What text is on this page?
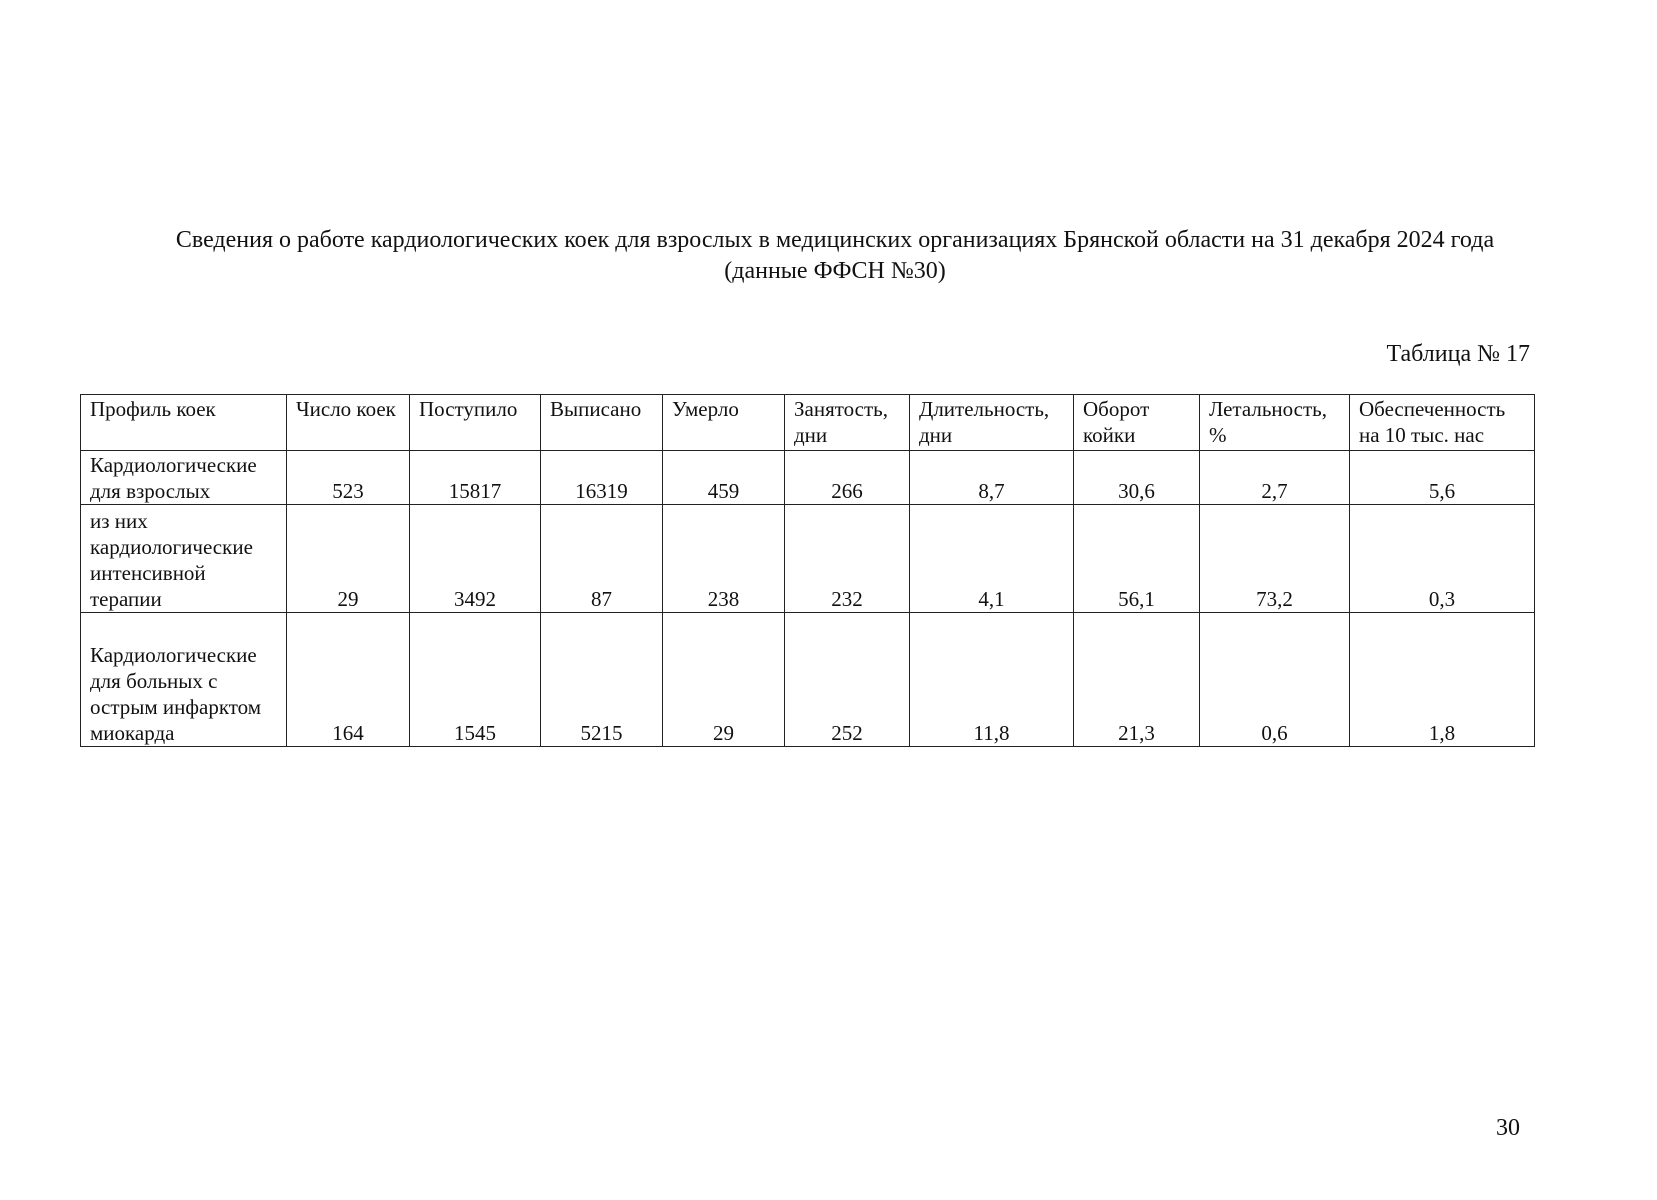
Сведения о работе кардиологических коек для взрослых в медицинских организациях Брянской области на 31 декабря 2024 года (данные ФФСН №30)
Таблица № 17
Профиль коек	Число коек	Поступило	Выписано	Умерло	Занятость, дни	Длительность, дни	Оборот койки	Летальность, %	Обеспеченность на 10 тыс. нас
Кардиологические для взрослых	523	15817	16319	459	266	8,7	30,6	2,7	5,6
из них кардиологические интенсивной терапии	29	3492	87	238	232	4,1	56,1	73,2	0,3
Кардиологические для больных с острым инфарктом миокарда	164	1545	5215	29	252	11,8	21,3	0,6	1,8
30
